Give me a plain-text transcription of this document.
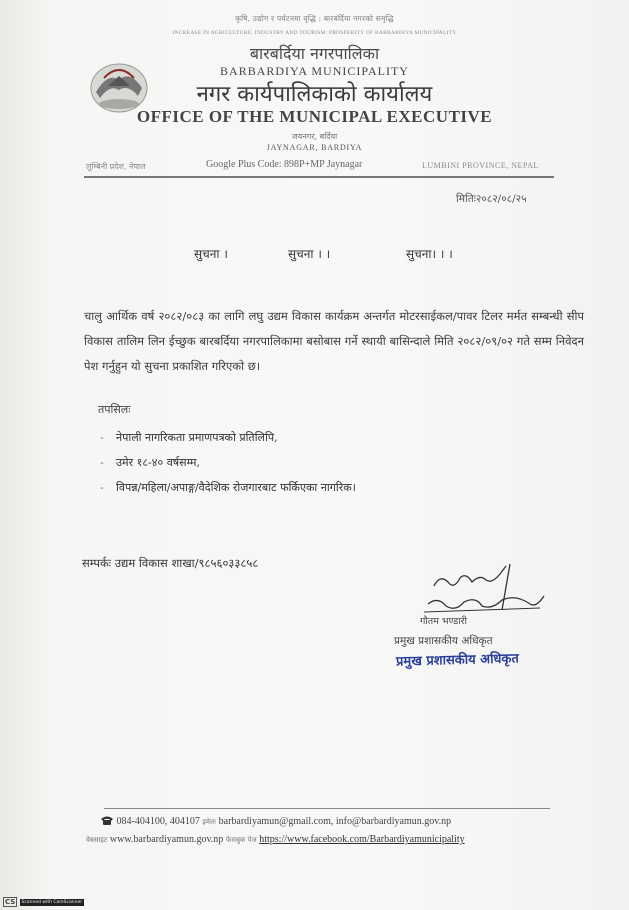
कृषि, उद्योग र पर्यटनमा वृद्धि : बारबर्दिया नगरको समृद्धि
INCREASE IN AGRICULTURE, INDUSTRY AND TOURISM: PROSPERITY OF BARBARDIYA MUNICIPALITY
बारबर्दिया नगरपालिका
BARBARDIYA MUNICIPALITY
नगर कार्यपालिकाको कार्यालय
OFFICE OF THE MUNICIPAL EXECUTIVE
जयनगर, बर्दिया
JAYNAGAR, BARDIYA
लुम्बिनी प्रदेश, नेपाल	Google Plus Code: 898P+MP Jaynagar	LUMBINI PROVINCE, NEPAL
मितिः२०८२/०८/२५
सुचना ।	सुचना । ।	सुचना। । ।

चालु आर्थिक वर्ष २०८२/०८३ का लागि लघु उद्यम विकास कार्यक्रम अन्तर्गत मोटरसाईकल/पावर टिलर मर्मत सम्बन्धी सीप विकास तालिम लिन ईच्छुक बारबर्दिया नगरपालिकामा बसोबास गर्ने स्थायी बासिन्दाले मिति २०८२/०९/०२ गते सम्म निवेदन पेश गर्नुहुन यो सुचना प्रकाशित गरिएको छ।

तपसिलः
- नेपाली नागरिकता प्रमाणपत्रको प्रतिलिपि,
- उमेर १८-४० वर्षसम्म,
- विपन्न/महिला/अपाङ्ग/वैदेशिक रोजगारबाट फर्किएका नागरिक।
सम्पर्कः उद्यम विकास शाखा/९८५६०३३८५८
गौतम भण्डारी
प्रमुख प्रशासकीय अधिकृत
प्रमुख प्रशासकीय अधिकृत
084-404100, 404107 इमेलः barbardiyamun@gmail.com, info@barbardiyamun.gov.np
वेबसाइट www.barbardiyamun.gov.np फेसबुक पेज https://www.facebook.com/Barbardiyamunicipality
CS Scanned with CamScanner
